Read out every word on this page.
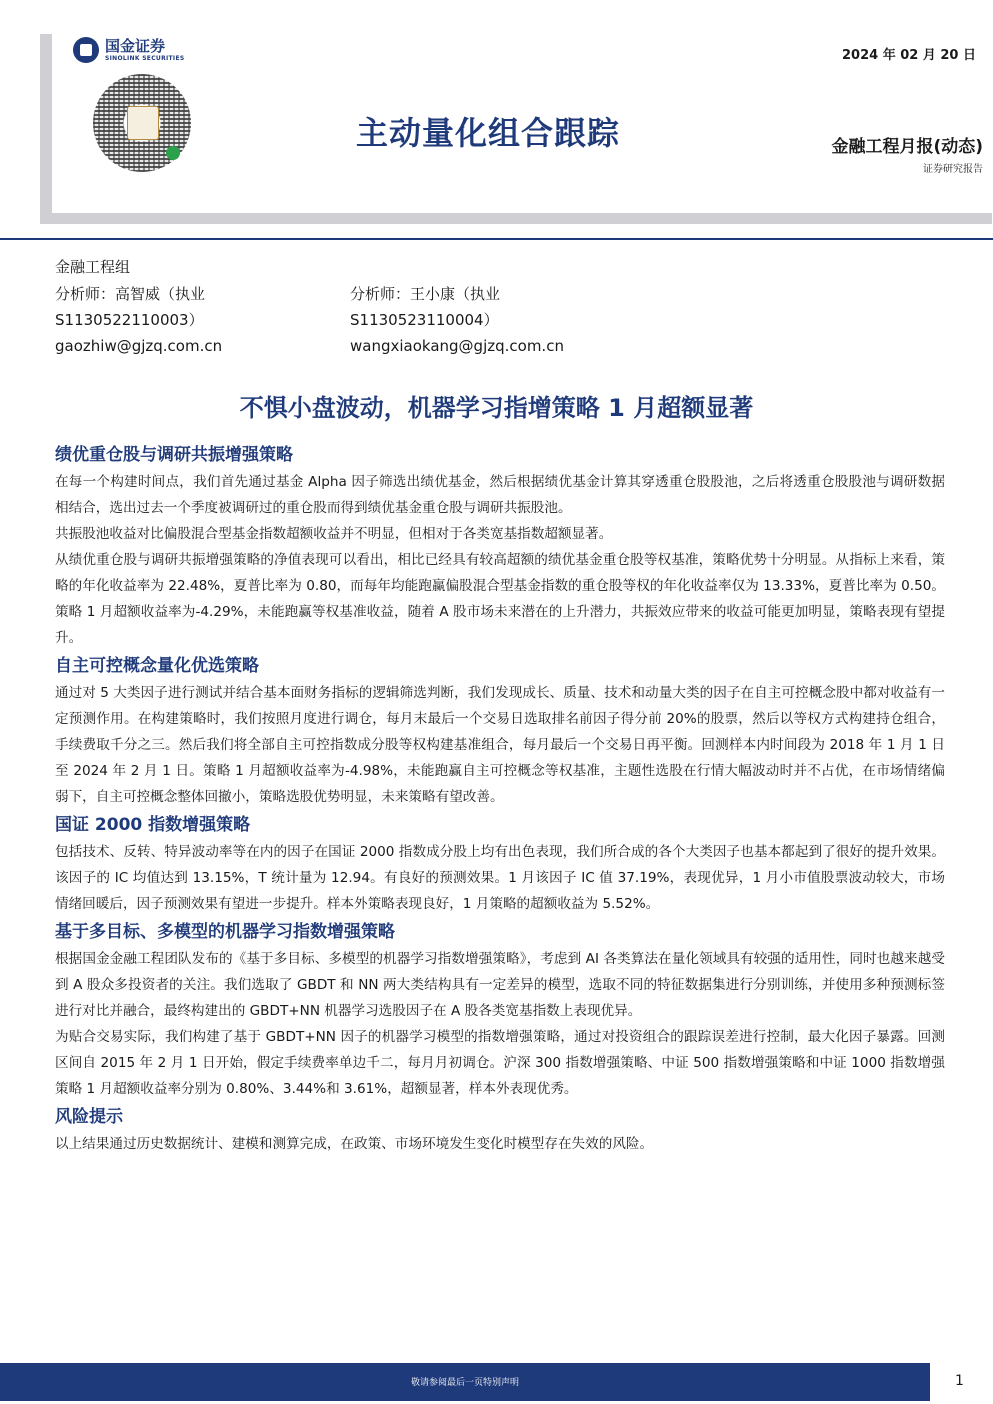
国金证券
SINOLINK SECURITIES	2024 年 02 月 20 日
主动量化组合跟踪	金融工程月报(动态)
证券研究报告
金融工程组
分析师：高智威（执业
S1130522110003）
gaozhiw@gjzq.com.cn
分析师：王小康（执业
S1130523110004）
wangxiaokang@gjzq.com.cn
不惧小盘波动，机器学习指增策略 1 月超额显著
绩优重仓股与调研共振增强策略

在每一个构建时间点，我们首先通过基金 Alpha 因子筛选出绩优基金，然后根据绩优基金计算其穿透重仓股股池，之后将透重仓股股池与调研数据相结合，选出过去一个季度被调研过的重仓股而得到绩优基金重仓股与调研共振股池。

共振股池收益对比偏股混合型基金指数超额收益并不明显，但相对于各类宽基指数超额显著。

从绩优重仓股与调研共振增强策略的净值表现可以看出，相比已经具有较高超额的绩优基金重仓股等权基准，策略优势十分明显。从指标上来看，策略的年化收益率为 22.48%，夏普比率为 0.80，而每年均能跑赢偏股混合型基金指数的重仓股等权的年化收益率仅为 13.33%，夏普比率为 0.50。策略 1 月超额收益率为-4.29%，未能跑赢等权基准收益，随着 A 股市场未来潜在的上升潜力，共振效应带来的收益可能更加明显，策略表现有望提升。

自主可控概念量化优选策略

通过对 5 大类因子进行测试并结合基本面财务指标的逻辑筛选判断，我们发现成长、质量、技术和动量大类的因子在自主可控概念股中都对收益有一定预测作用。在构建策略时，我们按照月度进行调仓，每月末最后一个交易日选取排名前因子得分前 20%的股票，然后以等权方式构建持仓组合，手续费取千分之三。然后我们将全部自主可控指数成分股等权构建基准组合，每月最后一个交易日再平衡。回测样本内时间段为 2018 年 1 月 1 日至 2024 年 2 月 1 日。策略 1 月超额收益率为-4.98%，未能跑赢自主可控概念等权基准，主题性选股在行情大幅波动时并不占优，在市场情绪偏弱下，自主可控概念整体回撤小，策略选股优势明显，未来策略有望改善。

国证 2000 指数增强策略

包括技术、反转、特异波动率等在内的因子在国证 2000 指数成分股上均有出色表现，我们所合成的各个大类因子也基本都起到了很好的提升效果。该因子的 IC 均值达到 13.15%，T 统计量为 12.94。有良好的预测效果。1 月该因子 IC 值 37.19%，表现优异，1 月小市值股票波动较大，市场情绪回暖后，因子预测效果有望进一步提升。样本外策略表现良好，1 月策略的超额收益为 5.52%。

基于多目标、多模型的机器学习指数增强策略

根据国金金融工程团队发布的《基于多目标、多模型的机器学习指数增强策略》，考虑到 AI 各类算法在量化领域具有较强的适用性，同时也越来越受到 A 股众多投资者的关注。我们选取了 GBDT 和 NN 两大类结构具有一定差异的模型，选取不同的特征数据集进行分别训练，并使用多种预测标签进行对比并融合，最终构建出的 GBDT+NN 机器学习选股因子在 A 股各类宽基指数上表现优异。

为贴合交易实际，我们构建了基于 GBDT+NN 因子的机器学习模型的指数增强策略，通过对投资组合的跟踪误差进行控制，最大化因子暴露。回测区间自 2015 年 2 月 1 日开始，假定手续费率单边千二，每月月初调仓。沪深 300 指数增强策略、中证 500 指数增强策略和中证 1000 指数增强策略 1 月超额收益率分别为 0.80%、3.44%和 3.61%，超额显著，样本外表现优秀。

风险提示

以上结果通过历史数据统计、建模和测算完成，在政策、市场环境发生变化时模型存在失效的风险。

敬请参阅最后一页特别声明	1
